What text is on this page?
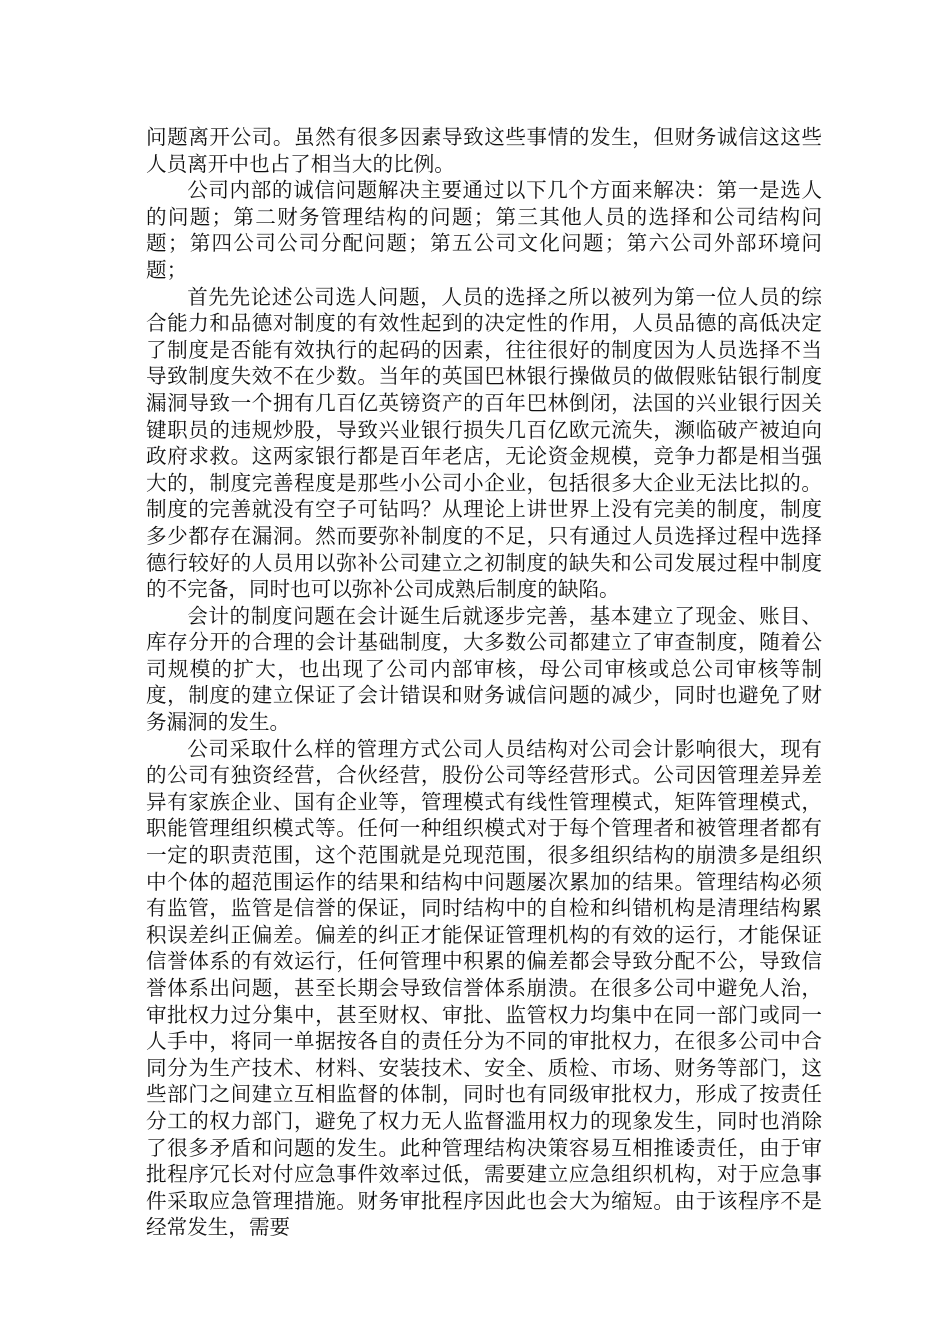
问题离开公司。虽然有很多因素导致这些事情的发生，但财务诚信这这些人员离开中也占了相当大的比例。

公司内部的诚信问题解决主要通过以下几个方面来解决：第一是选人的问题；第二财务管理结构的问题；第三其他人员的选择和公司结构问题；第四公司公司分配问题；第五公司文化问题；第六公司外部环境问题；

首先先论述公司选人问题，人员的选择之所以被列为第一位人员的综合能力和品德对制度的有效性起到的决定性的作用，人员品德的高低决定了制度是否能有效执行的起码的因素，往往很好的制度因为人员选择不当导致制度失效不在少数。当年的英国巴林银行操做员的做假账钻银行制度漏洞导致一个拥有几百亿英镑资产的百年巴林倒闭，法国的兴业银行因关键职员的违规炒股，导致兴业银行损失几百亿欧元流失，濒临破产被迫向政府求救。这两家银行都是百年老店，无论资金规模，竞争力都是相当强大的，制度完善程度是那些小公司小企业，包括很多大企业无法比拟的。制度的完善就没有空子可钻吗？从理论上讲世界上没有完美的制度，制度多少都存在漏洞。然而要弥补制度的不足，只有通过人员选择过程中选择德行较好的人员用以弥补公司建立之初制度的缺失和公司发展过程中制度的不完备，同时也可以弥补公司成熟后制度的缺陷。

会计的制度问题在会计诞生后就逐步完善，基本建立了现金、账目、库存分开的合理的会计基础制度，大多数公司都建立了审查制度，随着公司规模的扩大，也出现了公司内部审核，母公司审核或总公司审核等制度，制度的建立保证了会计错误和财务诚信问题的减少，同时也避免了财务漏洞的发生。

公司采取什么样的管理方式公司人员结构对公司会计影响很大，现有的公司有独资经营，合伙经营，股份公司等经营形式。公司因管理差异差异有家族企业、国有企业等，管理模式有线性管理模式，矩阵管理模式，职能管理组织模式等。任何一种组织模式对于每个管理者和被管理者都有一定的职责范围，这个范围就是兑现范围，很多组织结构的崩溃多是组织中个体的超范围运作的结果和结构中问题屡次累加的结果。管理结构必须有监管，监管是信誉的保证，同时结构中的自检和纠错机构是清理结构累积误差纠正偏差。偏差的纠正才能保证管理机构的有效的运行，才能保证信誉体系的有效运行，任何管理中积累的偏差都会导致分配不公，导致信誉体系出问题，甚至长期会导致信誉体系崩溃。在很多公司中避免人治，审批权力过分集中，甚至财权、审批、监管权力均集中在同一部门或同一人手中，将同一单据按各自的责任分为不同的审批权力，在很多公司中合同分为生产技术、材料、安装技术、安全、质检、市场、财务等部门，这些部门之间建立互相监督的体制，同时也有同级审批权力，形成了按责任分工的权力部门，避免了权力无人监督滥用权力的现象发生，同时也消除了很多矛盾和问题的发生。此种管理结构决策容易互相推诿责任，由于审批程序冗长对付应急事件效率过低，需要建立应急组织机构，对于应急事件采取应急管理措施。财务审批程序因此也会大为缩短。由于该程序不是经常发生，需要
